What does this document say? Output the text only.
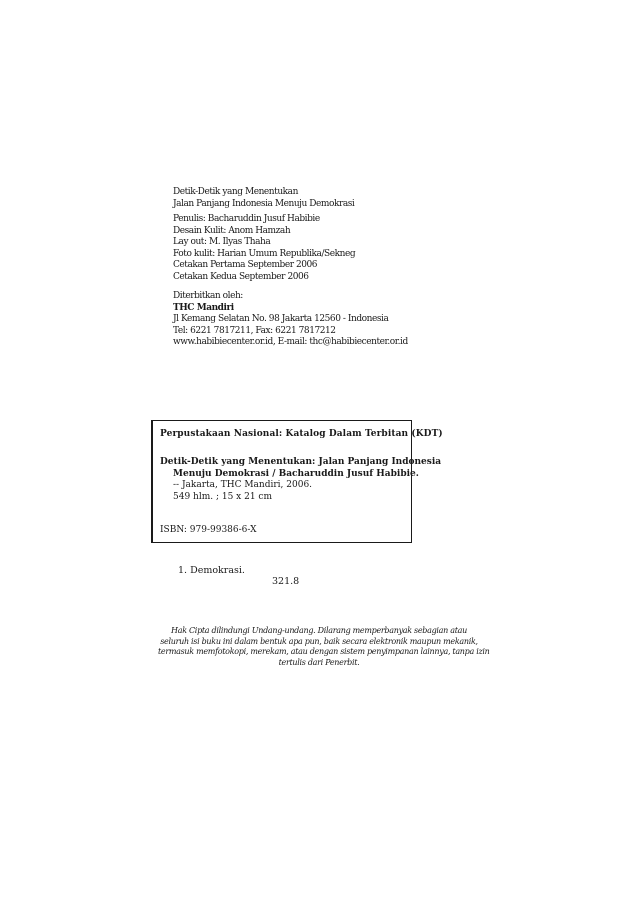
Detik-Detik yang Menentukan
Jalan Panjang Indonesia Menuju Demokrasi
Penulis: Bacharuddin Jusuf Habibie
Desain Kulit: Anom Hamzah
Lay out: M. Ilyas Thaha
Foto kulit: Harian Umum Republika/Sekneg
Cetakan Pertama September 2006
Cetakan Kedua September 2006
Diterbitkan oleh:
THC Mandiri
Jl Kemang Selatan No. 98 Jakarta 12560 - Indonesia
Tel: 6221 7817211, Fax: 6221 7817212
www.habibiecenter.or.id, E-mail: thc@habibiecenter.or.id
Perpustakaan Nasional: Katalog Dalam Terbitan (KDT)
Detik-Detik yang Menentukan: Jalan Panjang Indonesia
Menuju Demokrasi / Bacharuddin Jusuf Habibie.
-- Jakarta, THC Mandiri, 2006.
549 hlm. ; 15 x 21 cm
ISBN: 979-99386-6-X
1. Demokrasi.
321.8
Hak Cipta dilindungi Undang-undang. Dilarang memperbanyak sebagian atau
seluruh isi buku ini dalam bentuk apa pun, baik secara elektronik maupun mekanik,
termasuk memfotokopi, merekam, atau dengan sistem penyimpanan lainnya, tanpa izin
tertulis dari Penerbit.
